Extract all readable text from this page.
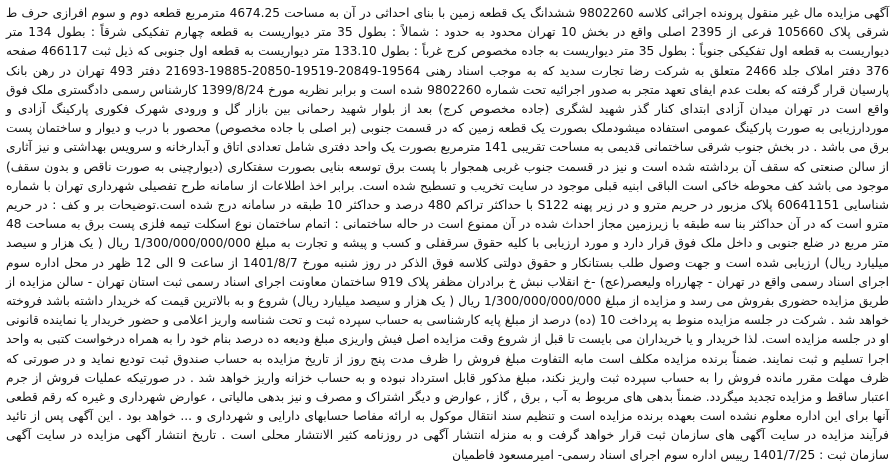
آگهی مزایده مال غیر منقول پرونده اجرائی کلاسه 9802260 ششدانگ یک قطعه زمین با بنای احداثی در آن به مساحت 4674.25 مترمربع قطعه دوم و سوم افرازی حرف ط شرقی پلاک 105660 فرعی از 2395 اصلی واقع در بخش 10 تهران محدود به حدود : شمالاً : بطول 35 متر دیواریست به قطعه چهارم تفکیکی شرقاً : بطول 134 متر دیواریست به قطعه اول تفکیکی جنوباً : بطول 35 متر دیواریست به جاده مخصوص کرج غرباً : بطول 133.10 متر دیواریست به قطعه اول جنوبی که ذیل ثبت 466117 صفحه 376 دفتر املاک جلد 2466 متعلق به شرکت رضا تجارت سدید که به موجب اسناد رهنی 19564-20849-19519-20850-19885-21693 دفتر 493 تهران در رهن بانک پارسیان قرار گرفته که بعلت عدم ایفای تعهد متجر به صدور اجرائیه تحت شماره 9802260 شده است و برابر نظریه مورخ 1399/8/24 کارشناس رسمی دادگستری ملک فوق واقع است در تهران میدان آزادی ابتدای کنار گذر شهید لشگری (جاده مخصوص کرج) بعد از بلوار شهید رحمانی بین بازار گل و ورودی شهرک فکوری پارکینگ آزادی و موردارزیابی به صورت پارکینگ عمومی استفاده میشودملک بصورت یک قطعه زمین که در قسمت جنوبی (بر اصلی با جاده مخصوص) محصور با درب و دیوار و ساختمان پست برق می باشد . در بخش جنوب شرقی ساختمانی قدیمی به مساحت تقریبی 141 مترمربع بصورت یک واحد دفتری شامل تعدادی اتاق و آبدارخانه و سرویس بهداشتی و نیز آثاری از سالن صنعتی که سقف آن برداشته شده است و نیز در قسمت جنوب غربی همجوار با پست برق توسعه بنایی بصورت سفتکاری (دیوارچینی به صورت ناقص و بدون سقف) موجود می باشد کف محوطه خاکی است الباقی ابنیه قبلی موجود در سایت تخریب و تسطیح شده است. برابر اخذ اطلاعات از سامانه طرح تفصیلی شهرداری تهران با شماره شناسایی 60641151 پلاک مزبور در حریم مترو و در زیر پهنه S122 با حداکثر تراکم 480 درصد و حداکثر 10 طبقه در سامانه درج شده است.توضیحات بر و کف : در حریم مترو است که در آن حداکثر بنا سه طبقه با زیرزمین مجاز احداث شده در آن ممنوع است در حاله ساختمانی : اتمام ساختمان نوع اسکلت تیمه فلزی پست برق به مساحت 48 متر مربع در ضلع جنوبی و داخل ملک فوق قرار دارد و مورد ارزیابی با کلیه حقوق سرقفلی و کسب و پیشه و تجارت به مبلغ 1/300/000/000/000 ریال ( یک هزار و سیصد میلیارد ریال) ارزیابی شده است و جهت وصول طلب بستانکار و حقوق دولتی کلاسه فوق الذکر در روز شنبه مورخ 1401/8/7 از ساعت 9 الی 12 ظهر در محل اداره سوم اجرای اسناد رسمی واقع در تهران - چهارراه ولیعصر(عج) -خ انقلاب نبش خ برادران مظفر پلاک 919 ساختمان معاونت اجرای اسناد رسمی ثبت استان تهران - سالن مزایده از طریق مزایده حضوری بفروش می رسد و مزایده از مبلغ 1/300/000/000/000 ریال ( یک هزار و سیصد میلیارد ریال) شروع و به بالاترین قیمت که خریدار داشته باشد فروخته خواهد شد . شرکت در جلسه مزایده منوط به پرداخت 10 (ده) درصد از مبلغ پایه کارشناسی به حساب سپرده ثبت و تحت شناسه واریز اعلامی و حضور خریدار یا نماینده قانونی او در جلسه مزایده است. لذا خریدار و یا خریداران می بایست تا قبل از شروع وقت مزایده اصل فیش واریزی مبلغ ودیعه ده درصد بنام خود را به همراه درخواست کتبی به واحد اجرا تسلیم و ثبت نمایند. ضمناً برنده مزایده مکلف است مابه التفاوت مبلغ فروش را ظرف مدت پنج روز از تاریخ مزایده به حساب صندوق ثبت تودیع نماید و در صورتی که ظرف مهلت مقرر مانده فروش را به حساب سپرده ثبت واریز نکند، مبلغ مذکور قابل استرداد نبوده و به حساب خزانه واریز خواهد شد . در صورتیکه عملیات فروش از جرم اعتبار ساقط و مزایده تجدید میگردد. ضمناً بدهی های مربوط به آب , برق , گاز , عوارض و دیگر اشتراک و مصرف و نیز بدهی مالیاتی ، عوارض شهرداری و غیره که رقم قطعی آنها برای این اداره معلوم نشده است بعهده برنده مزایده است و تنظیم سند انتقال موکول به ارائه مفاصا حسابهای دارایی و شهرداری و ... خواهد بود . این آگهی پس از تائید فرآیند مزایده در سایت آگهی های سازمان ثبت قرار خواهد گرفت و به منزله انتشار آگهی در روزنامه کثیر الانتشار محلی است . تاریخ انتشار آگهی مزایده در سایت آگهی سازمان ثبت : 1401/7/25 رییس اداره سوم اجرای اسناد رسمی- امیرمسعود فاطمیان
